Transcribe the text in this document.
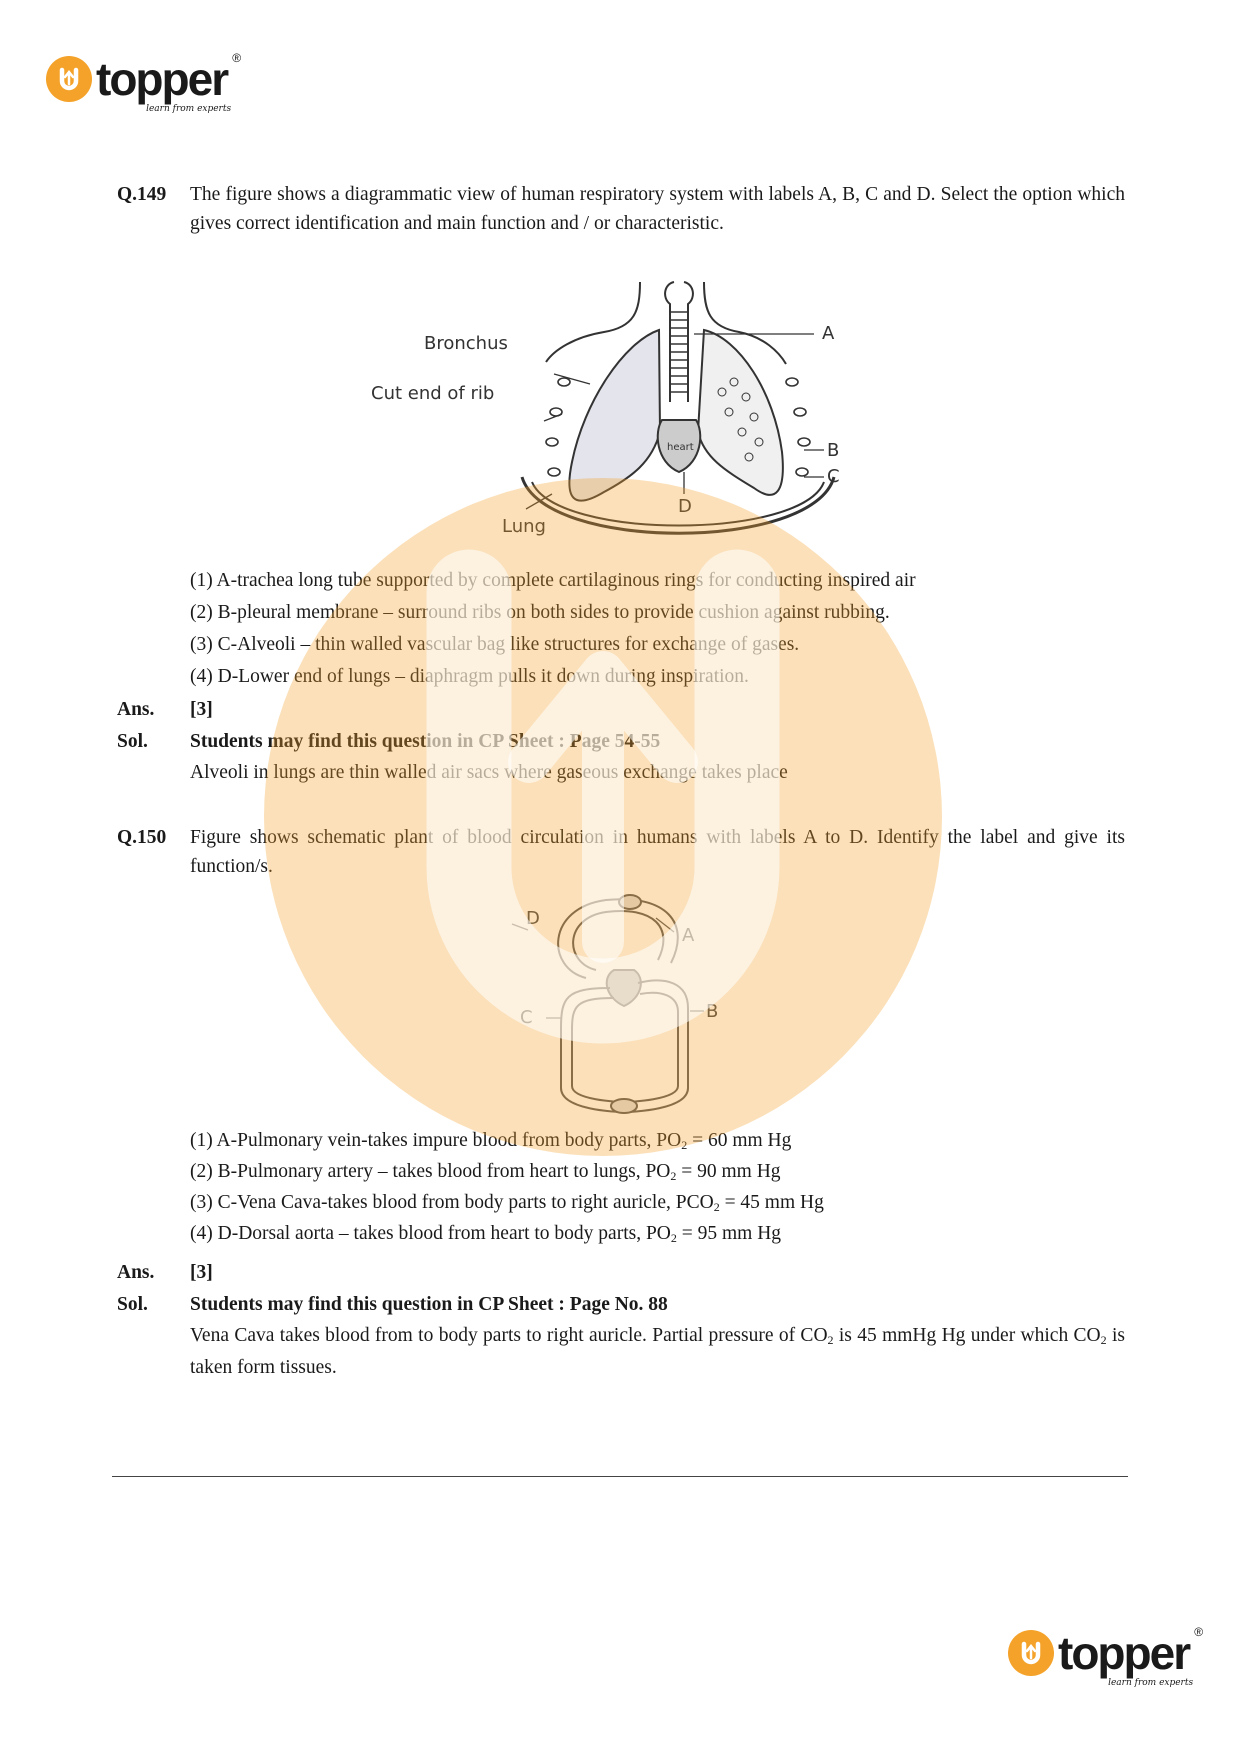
topper ®
learn from experts
Q.149	The figure shows a diagrammatic view of human respiratory system with labels A, B, C and D. Select the option which gives correct identification and main function and / or characteristic.
A
Bronchus
Cut end of rib
B
C
D
Lung
heart
(1) A-trachea long tube supported by complete cartilaginous rings for conducting inspired air
(2) B-pleural membrane – surround ribs on both sides to provide cushion against rubbing.
(3) C-Alveoli – thin walled vascular bag like structures for exchange of gases.
(4) D-Lower end of lungs – diaphragm pulls it down during inspiration.
Ans.	[3]
Sol.	Students may find this question in CP Sheet : Page 54-55
Alveoli in lungs are thin walled air sacs where gaseous exchange takes place
Q.150	Figure shows schematic plant of blood circulation in humans with labels A to D. Identify the label and give its function/s.
A
B
C
D
(1) A-Pulmonary vein-takes impure blood from body parts, $PO_2 = 60$ mm Hg
(2) B-Pulmonary artery – takes blood from heart to lungs, $PO_2 = 90$ mm Hg
(3) C-Vena Cava-takes blood from body parts to right auricle, $PCO_2 = 45$ mm Hg
(4) D-Dorsal aorta – takes blood from heart to body parts, $PO_2 = 95$ mm Hg
Ans.	[3]
Sol.	Students may find this question in CP Sheet : Page No. 88
Vena Cava takes blood from to body parts to right auricle. Partial pressure of $CO_2$ is 45 mmHg Hg under which $CO_2$ is taken form tissues.
topper ®
learn from experts
